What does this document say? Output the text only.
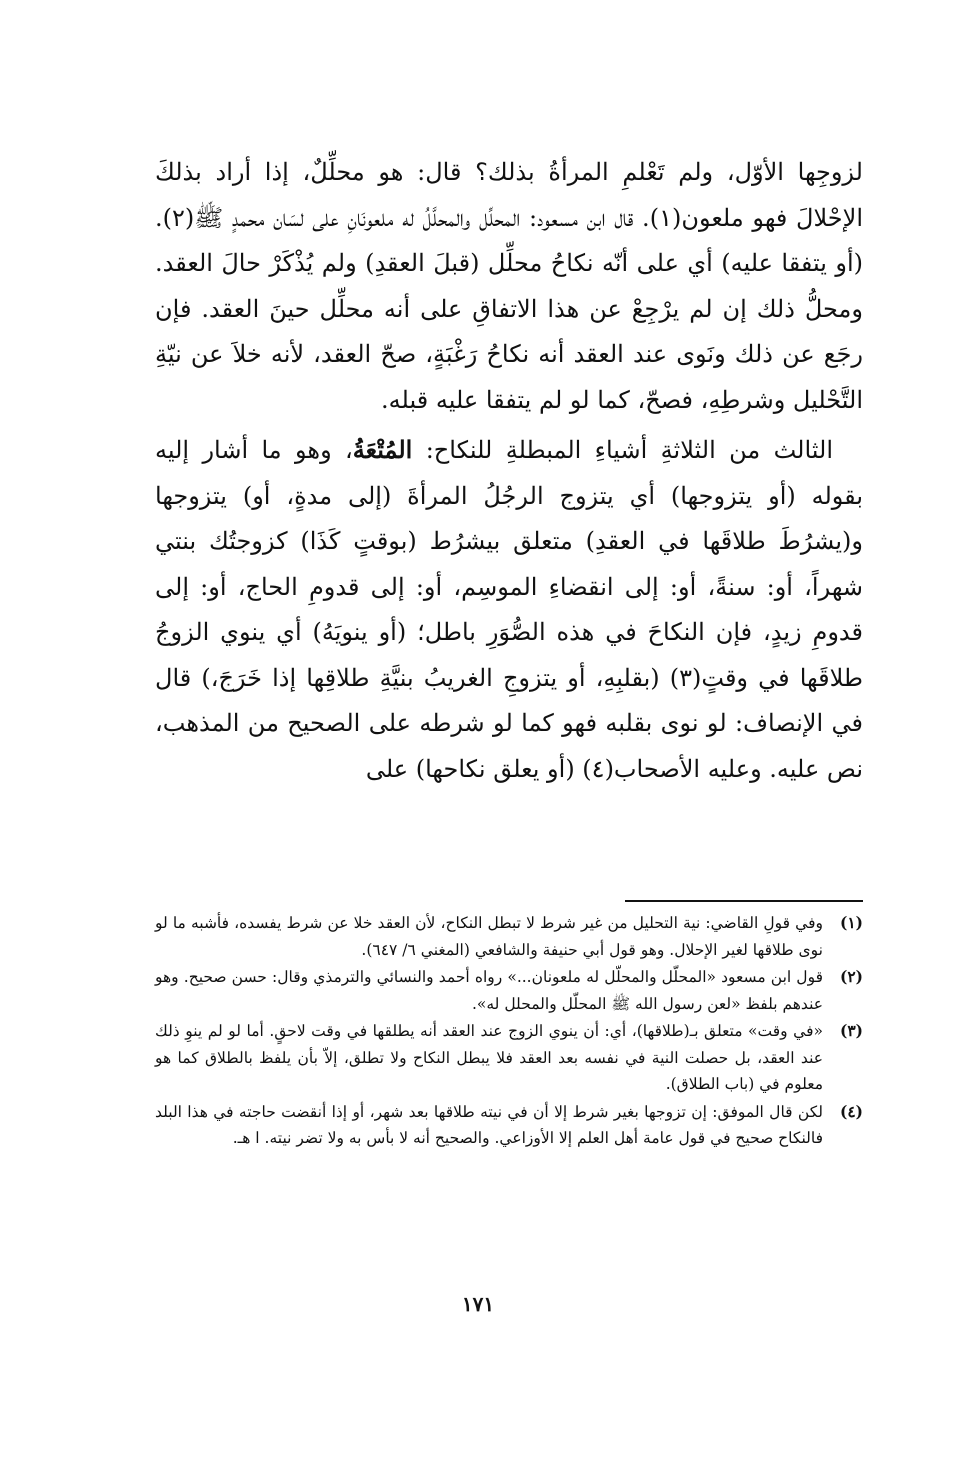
لزوجِها الأوّل، ولم تَعْلمِ المرأةُ بذلك؟ قال: هو محلِّلٌ، إذا أراد بذلكَ الإحْلالَ فهو ملعون(١). قال ابن مسعود: المحلِّل والمحلَّلُ له ملعونَانِ على لسَان محمدٍ ﷺ(٢). (أو يتفقا عليه) أي على أنّه نكاحُ محلِّل (قبلَ العقدِ) ولم يُذْكَرْ حالَ العقد. ومحلُّ ذلك إن لم يرْجِعْ عن هذا الاتفاقِ على أنه محلِّل حينَ العقد. فإن رجَع عن ذلك ونَوى عند العقد أنه نكاحُ رَغْبَةٍ، صحّ العقد، لأنه خلاَ عن نيّةِ التَّحْليل وشرطِهِ، فصحّ، كما لو لم يتفقا عليه قبله.

الثالث من الثلاثةِ أشياءِ المبطلةِ للنكاح: المُتْعَةُ، وهو ما أشار إليه بقوله (أو يتزوجها) أي يتزوج الرجُلُ المرأةَ (إلى مدةٍ، أو) يتزوجها و(يشرُطَ طلاقَها في العقدِ) متعلق بيشرُط (بوقتٍ كَذَا) كزوجتُك بنتي شهراً، أو: سنةً، أو: إلى انقضاءِ الموسِم، أو: إلى قدومِ الحاج، أو: إلى قدومِ زيدٍ، فإن النكاحَ في هذه الصُّوَرِ باطل؛ (أو ينويَهُ) أي ينوي الزوجُ طلاقَها في وقتٍ(٣) (بقلبِهِ، أو يتزوجِ الغريبُ بنيَّةِ طلاقِها إذا خَرَجَ،) قال في الإنصاف: لو نوى بقلبه فهو كما لو شرطه على الصحيح من المذهب، نص عليه. وعليه الأصحاب(٤) (أو يعلق نكاحها) على

(١)
وفي قولِ القاضي: نية التحليل من غير شرط لا تبطل النكاح، لأن العقد خلا عن شرط يفسده، فأشبه ما لو نوى طلاقها لغير الإحلال. وهو قول أبي حنيفة والشافعي (المغني ٦/ ٦٤٧).
(٢)
قول ابن مسعود «المحلّل والمحلّل له ملعونان...» رواه أحمد والنسائي والترمذي وقال: حسن صحيح. وهو عندهم بلفظ «لعن رسول الله ﷺ المحلّل والمحلل له».
(٣)
«في وقت» متعلق بـ(طلاقها)، أي: أن ينوي الزوج عند العقد أنه يطلقها في وقت لاحقٍ. أما لو لم ينوِ ذلك عند العقد، بل حصلت النية في نفسه بعد العقد فلا يبطل النكاح ولا تطلق، إلاّ بأن يلفظ بالطلاق كما هو معلوم في (باب الطلاق).
(٤)
لكن قال الموفق: إن تزوجها بغير شرط إلا أن في نيته طلاقها بعد شهر، أو إذا أنقضت حاجته في هذا البلد فالنكاح صحيح في قول عامة أهل العلم إلا الأوزاعي. والصحيح أنه لا بأس به ولا تضر نيته. ا هـ.
١٧١
